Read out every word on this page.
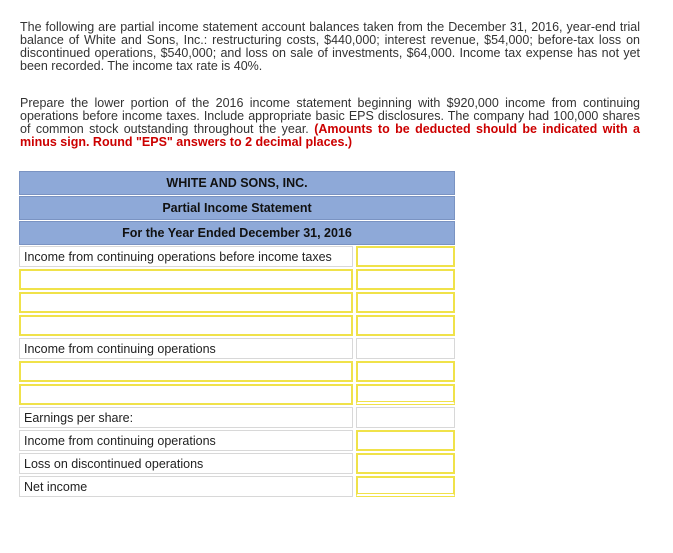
The following are partial income statement account balances taken from the December 31, 2016, year-end trial balance of White and Sons, Inc.: restructuring costs, $440,000; interest revenue, $54,000; before-tax loss on discontinued operations, $540,000; and loss on sale of investments, $64,000. Income tax expense has not yet been recorded. The income tax rate is 40%.

Prepare the lower portion of the 2016 income statement beginning with $920,000 income from continuing operations before income taxes. Include appropriate basic EPS disclosures. The company had 100,000 shares of common stock outstanding throughout the year. (Amounts to be deducted should be indicated with a minus sign. Round "EPS" answers to 2 decimal places.)

WHITE AND SONS, INC.
Partial Income Statement
For the Year Ended December 31, 2016
Income from continuing operations before income taxes
Income from continuing operations
Earnings per share:
Income from continuing operations
Loss on discontinued operations
Net income
